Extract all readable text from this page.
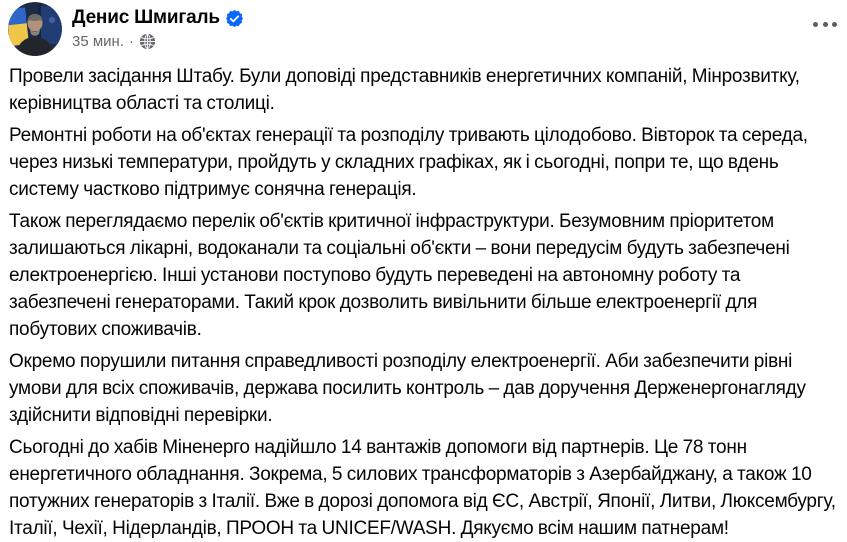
Денис Шмигаль
35 мин. ·

Провели засідання Штабу. Були доповіді представників енергетичних компаній, Мінрозвитку, керівництва області та столиці.

Ремонтні роботи на об'єктах генерації та розподілу тривають цілодобово. Вівторок та середа, через низькі температури, пройдуть у складних графіках, як і сьогодні, попри те, що вдень систему частково підтримує сонячна генерація.

Також переглядаємо перелік об'єктів критичної інфраструктури. Безумовним пріоритетом залишаються лікарні, водоканали та соціальні об'єкти – вони передусім будуть забезпечені електроенергією. Інші установи поступово будуть переведені на автономну роботу та забезпечені генераторами. Такий крок дозволить вивільнити більше електроенергії для побутових споживачів.

Окремо порушили питання справедливості розподілу електроенергії. Аби забезпечити рівні умови для всіх споживачів, держава посилить контроль – дав доручення Держенергонагляду здійснити відповідні перевірки.

Сьогодні до хабів Міненерго надійшло 14 вантажів допомоги від партнерів. Це 78 тонн енергетичного обладнання. Зокрема, 5 силових трансформаторів з Азербайджану, а також 10 потужних генераторів з Італії. Вже в дорозі допомога від ЄС, Австрії, Японії, Литви, Люксембургу, Італії, Чехії, Нідерландів, ПРООН та UNICEF/WASH. Дякуємо всім нашим патнерам!
